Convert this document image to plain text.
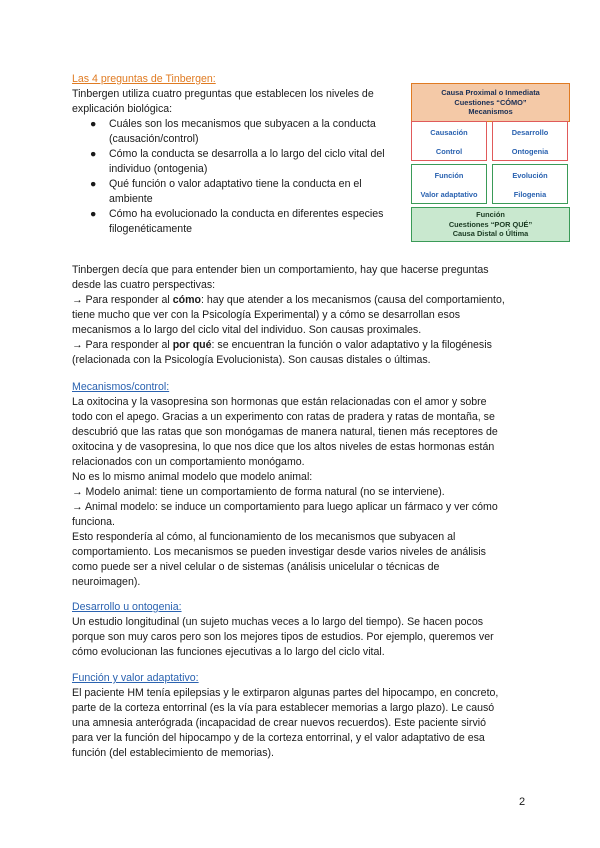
Las 4 preguntas de Tinbergen:
Tinbergen utiliza cuatro preguntas que establecen los niveles de
explicación biológica:
● Cuáles son los mecanismos que subyacen a la conducta
(causación/control)
● Cómo la conducta se desarrolla a lo largo del ciclo vital del
individuo (ontogenia)
● Qué función o valor adaptativo tiene la conducta en el
ambiente
● Cómo ha evolucionado la conducta en diferentes especies
filogenéticamente
Causa Proximal o Inmediata
Cuestiones “CÓMO”
Mecanismos
Causación
Control
Desarrollo
Ontogenia
Función
Valor adaptativo
Evolución
Filogenia
Función
Cuestiones “POR QUÉ”
Causa Distal o Última
Tinbergen decía que para entender bien un comportamiento, hay que hacerse preguntas
desde las cuatro perspectivas:
→ Para responder al cómo: hay que atender a los mecanismos (causa del comportamiento,
tiene mucho que ver con la Psicología Experimental) y a cómo se desarrollan esos
mecanismos a lo largo del ciclo vital del individuo. Son causas proximales.
→ Para responder al por qué: se encuentran la función o valor adaptativo y la filogénesis
(relacionada con la Psicología Evolucionista). Son causas distales o últimas.
Mecanismos/control:
La oxitocina y la vasopresina son hormonas que están relacionadas con el amor y sobre
todo con el apego. Gracias a un experimento con ratas de pradera y ratas de montaña, se
descubrió que las ratas que son monógamas de manera natural, tienen más receptores de
oxitocina y de vasopresina, lo que nos dice que los altos niveles de estas hormonas están
relacionados con un comportamiento monógamo.
No es lo mismo animal modelo que modelo animal:
→ Modelo animal: tiene un comportamiento de forma natural (no se interviene).
→ Animal modelo: se induce un comportamiento para luego aplicar un fármaco y ver cómo
funciona.
Esto respondería al cómo, al funcionamiento de los mecanismos que subyacen al
comportamiento. Los mecanismos se pueden investigar desde varios niveles de análisis
como puede ser a nivel celular o de sistemas (análisis unicelular o técnicas de
neuroimagen).
Desarrollo u ontogenia:
Un estudio longitudinal (un sujeto muchas veces a lo largo del tiempo). Se hacen pocos
porque son muy caros pero son los mejores tipos de estudios. Por ejemplo, queremos ver
cómo evolucionan las funciones ejecutivas a lo largo del ciclo vital.
Función y valor adaptativo:
El paciente HM tenía epilepsias y le extirparon algunas partes del hipocampo, en concreto,
parte de la corteza entorrinal (es la vía para establecer memorias a largo plazo). Le causó
una amnesia anterógrada (incapacidad de crear nuevos recuerdos). Este paciente sirvió
para ver la función del hipocampo y de la corteza entorrinal, y el valor adaptativo de esa
función (del establecimiento de memorias).
2
